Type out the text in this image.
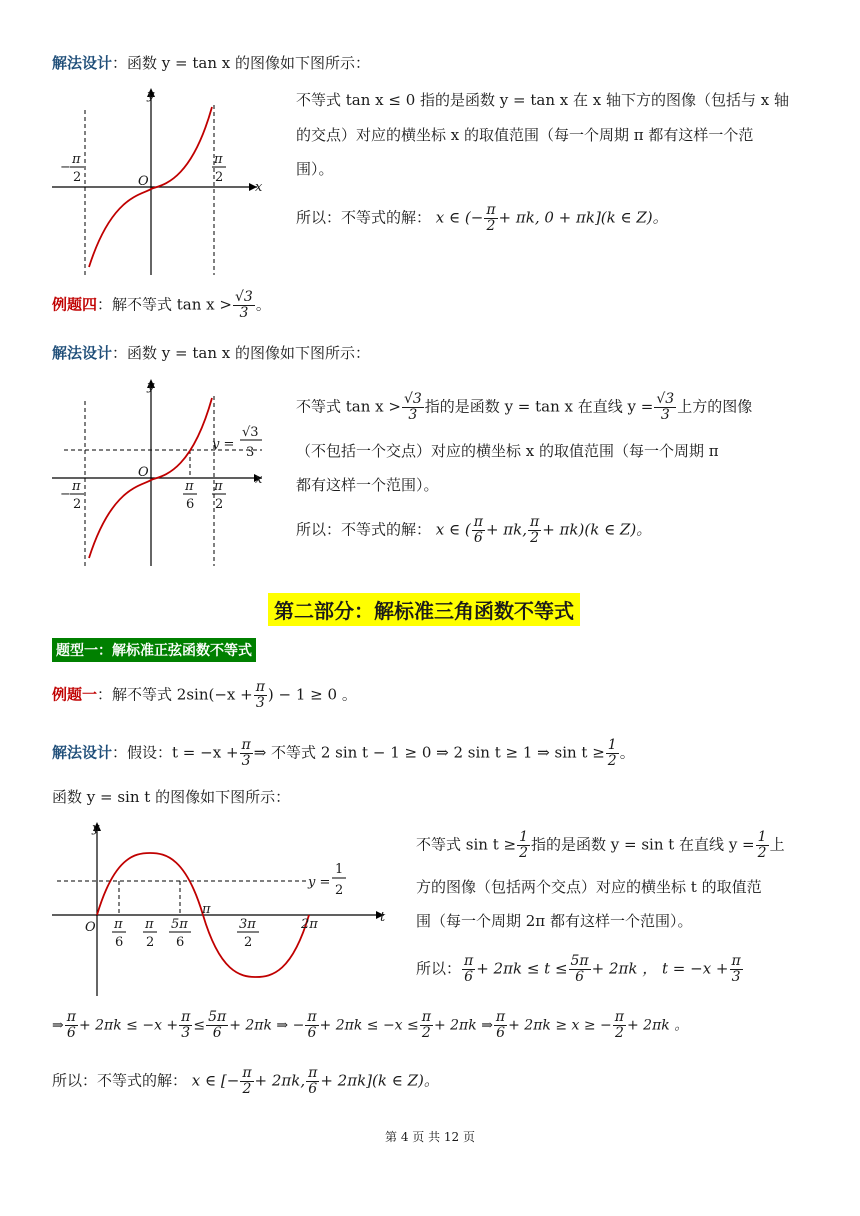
解法设计：函数 y = tan x 的图像如下图所示：
y
x
O
−
π
2
π
2
不等式 tan x ≤ 0 指的是函数 y = tan x 在 x 轴下方的图像（包括与 x 轴
的交点）对应的横坐标 x 的取值范围（每一个周期 π 都有这样一个范
围）。
所以：不等式的解： x ∈ (− $\frac{\pi}{2} + \pi k$, 0 + πk](k ∈ Z)。
例题四：解不等式 $\tan x > \frac{√3}{3}$ 。
解法设计：函数 y = tan x 的图像如下图所示：
y
x
O
y =
√3
3
−
π
2
π
6
π
2
不等式 $\tan x > \frac{√3}{3}$ 指的是函数 y = tan x 在直线 $y = \frac{√3}{3}$ 上方的图像
（不包括一个交点）对应的横坐标 x 的取值范围（每一个周期 π
都有这样一个范围）。
所以：不等式的解： x ∈ ( $\frac{\pi}{6} + \pi k$, $\frac{\pi}{2} + \pi k)(k$ ∈ Z)。
第二部分：解标准三角函数不等式
题型一：解标准正弦函数不等式
例题一：解不等式 $2\sin(-x + \frac{\pi}{3}$ ) − 1 ≥ 0 。
解法设计：假设：$t = -x + \frac{\pi}{3}$ ⇒ 不等式 2 sin t − 1 ≥ 0 ⇒ 2 sin t ≥ 1 ⇒ $\sin t \ge \frac{1}{2}$ 。
函数 y = sin t 的图像如下图所示：
y
t
O
y =
1
2
π
2π
π
6
π
2
5π
6
3π
2
不等式 $\sin t \ge \frac{1}{2}$ 指的是函数 y = sin t 在直线 $y = \frac{1}{2}$ 上
方的图像（包括两个交点）对应的横坐标 t 的取值范
围（每一个周期 2π 都有这样一个范围）。
所以： $\frac{\pi}{6} + 2\pi k \le t \le \frac{5\pi}{6} + 2\pi k$ ， $t = -x + \frac{\pi}{3}$
⇒ $\frac{\pi}{6} + 2\pi k \le -x + \frac{\pi}{3} \le \frac{5\pi}{6} + 2\pi k$ ⇒ − $\frac{\pi}{6} + 2\pi k \le -x \le \frac{\pi}{2} + 2\pi k$ ⇒ $\frac{\pi}{6} + 2\pi k \ge x$ ≥ − $\frac{\pi}{2} + 2\pi k$ 。
所以：不等式的解： x ∈ [− $\frac{\pi}{2} + 2\pi k$, $\frac{\pi}{6} + 2\pi k](k$ ∈ Z)。
第 4 页 共 12 页
